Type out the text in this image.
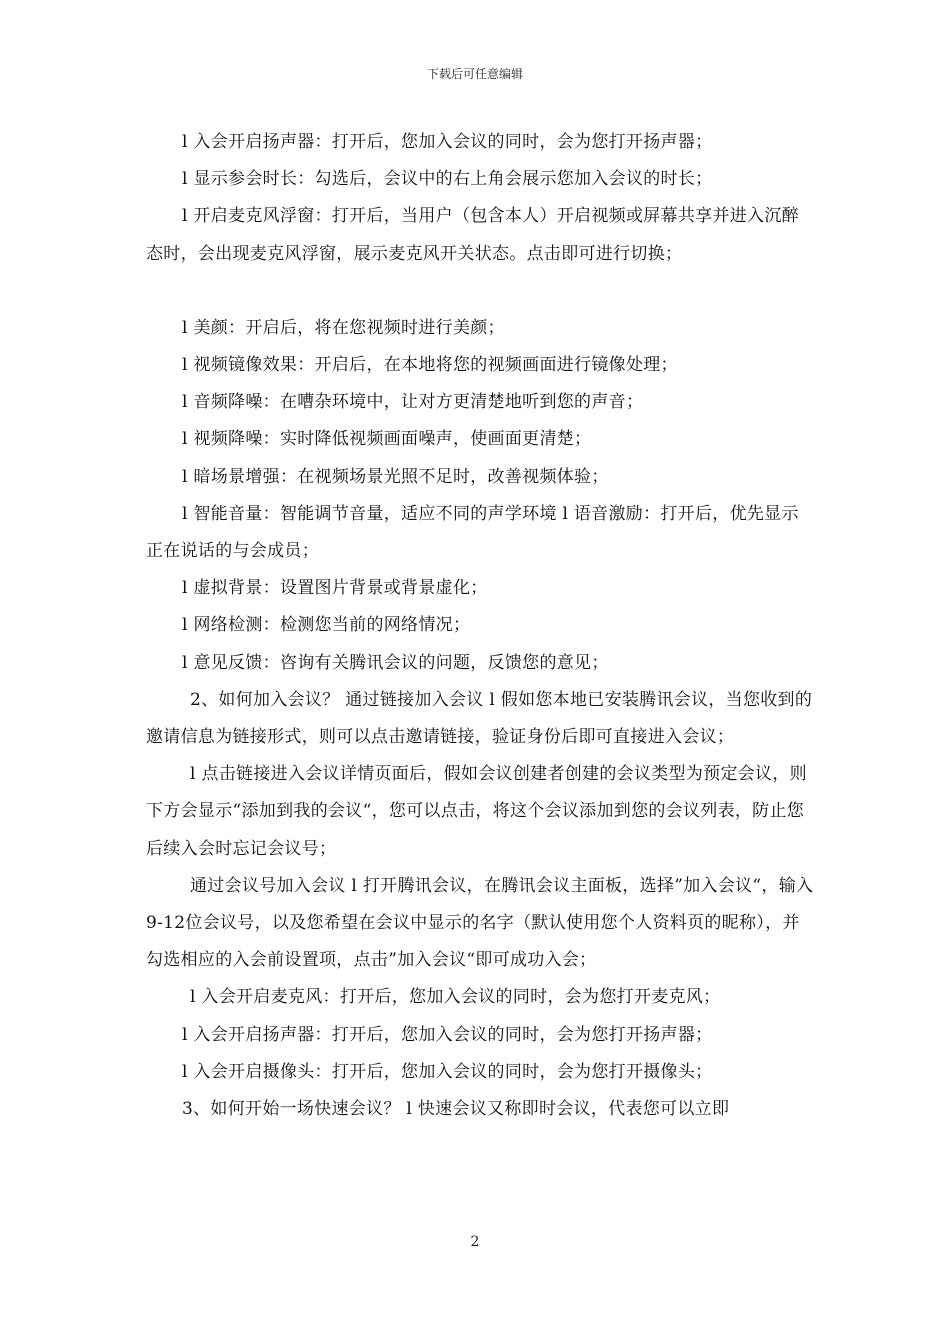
下载后可任意编辑

l 入会开启扬声器：打开后，您加入会议的同时，会为您打开扬声器；

l 显示参会时长：勾选后，会议中的右上角会展示您加入会议的时长；

l 开启麦克风浮窗：打开后，当用户（包含本人）开启视频或屏幕共享并进入沉醉态时，会出现麦克风浮窗，展示麦克风开关状态。点击即可进行切换；

l 美颜：开启后，将在您视频时进行美颜；

l 视频镜像效果：开启后，在本地将您的视频画面进行镜像处理；

l 音频降噪：在嘈杂环境中，让对方更清楚地听到您的声音；

l 视频降噪：实时降低视频画面噪声，使画面更清楚；

l 暗场景增强：在视频场景光照不足时，改善视频体验；

l 智能音量：智能调节音量，适应不同的声学环境 l 语音激励：打开后，优先显示正在说话的与会成员；

l 虚拟背景：设置图片背景或背景虚化；

l 网络检测：检测您当前的网络情况；

l 意见反馈：咨询有关腾讯会议的问题，反馈您的意见；

2、如何加入会议？ 通过链接加入会议 l 假如您本地已安装腾讯会议，当您收到的邀请信息为链接形式，则可以点击邀请链接，验证身份后即可直接进入会议；

l 点击链接进入会议详情页面后，假如会议创建者创建的会议类型为预定会议，则下方会显示“添加到我的会议“，您可以点击，将这个会议添加到您的会议列表，防止您后续入会时忘记会议号；

通过会议号加入会议 l 打开腾讯会议，在腾讯会议主面板，选择”加入会议“，输入9-12位会议号，以及您希望在会议中显示的名字（默认使用您个人资料页的昵称），并勾选相应的入会前设置项，点击”加入会议“即可成功入会；

l 入会开启麦克风：打开后，您加入会议的同时，会为您打开麦克风；

l 入会开启扬声器：打开后，您加入会议的同时，会为您打开扬声器；

l 入会开启摄像头：打开后，您加入会议的同时，会为您打开摄像头；

3、如何开始一场快速会议？ l 快速会议又称即时会议，代表您可以立即

2
